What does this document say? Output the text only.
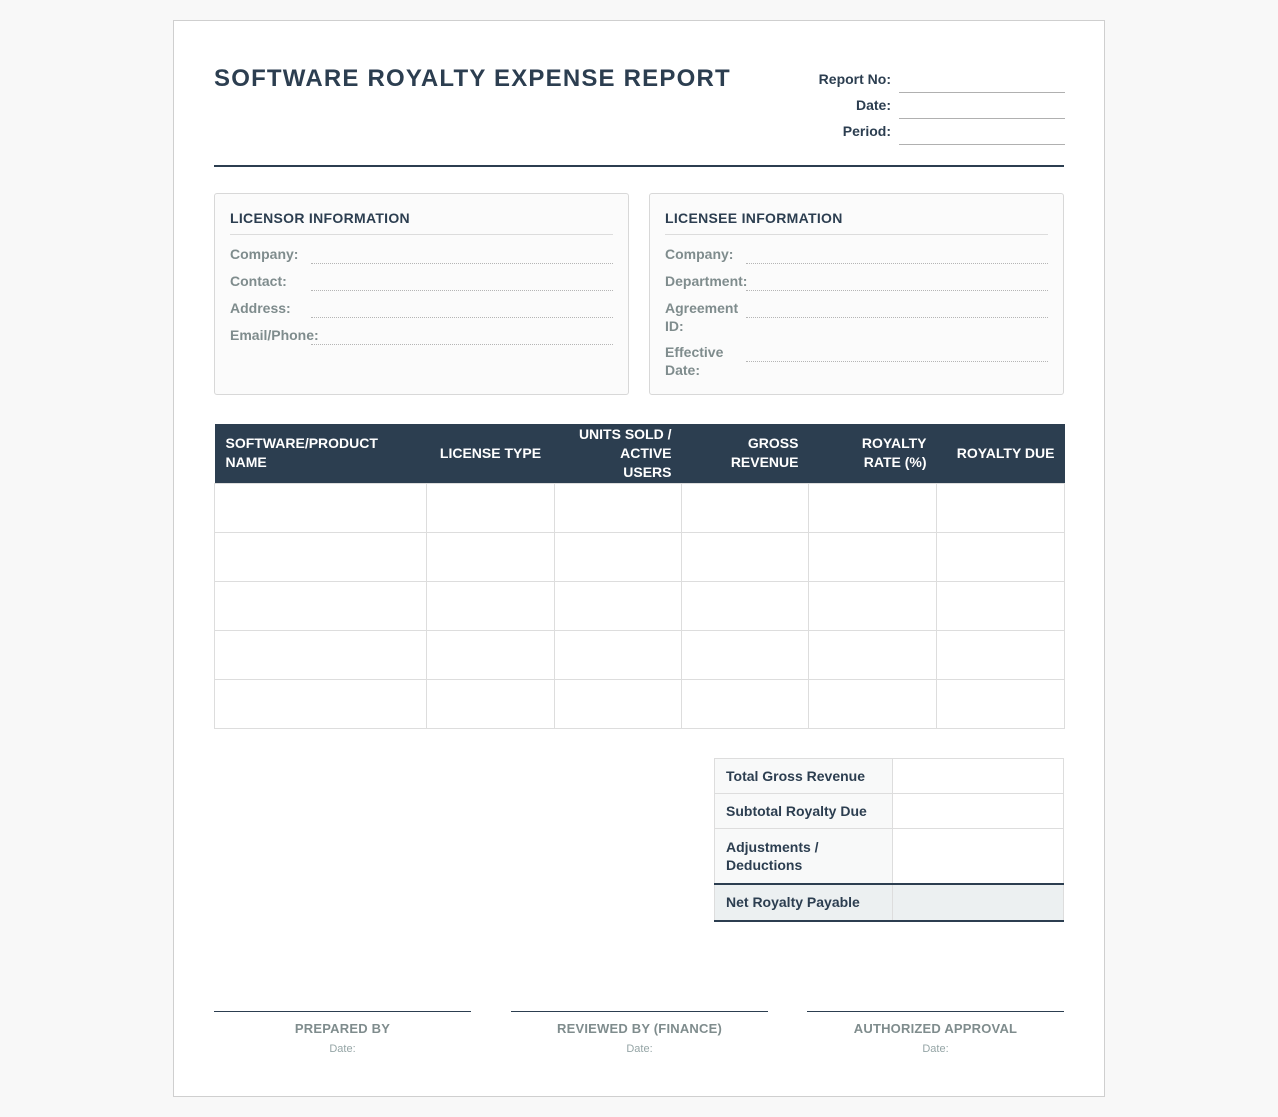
SOFTWARE ROYALTY EXPENSE REPORT	Report No:
Date:
Period:
LICENSOR INFORMATION
Company:
Contact:
Address:
Email/Phone:
LICENSEE INFORMATION
Company:
Department:
Agreement ID:
Effective Date:
SOFTWARE/PRODUCT NAME	LICENSE TYPE	UNITS SOLD / ACTIVE USERS	GROSS REVENUE	ROYALTY RATE (%)	ROYALTY DUE

Total Gross Revenue	
Subtotal Royalty Due	
Adjustments / Deductions	
Net Royalty Payable	
PREPARED BY
Date:
REVIEWED BY (FINANCE)
Date:
AUTHORIZED APPROVAL
Date:
